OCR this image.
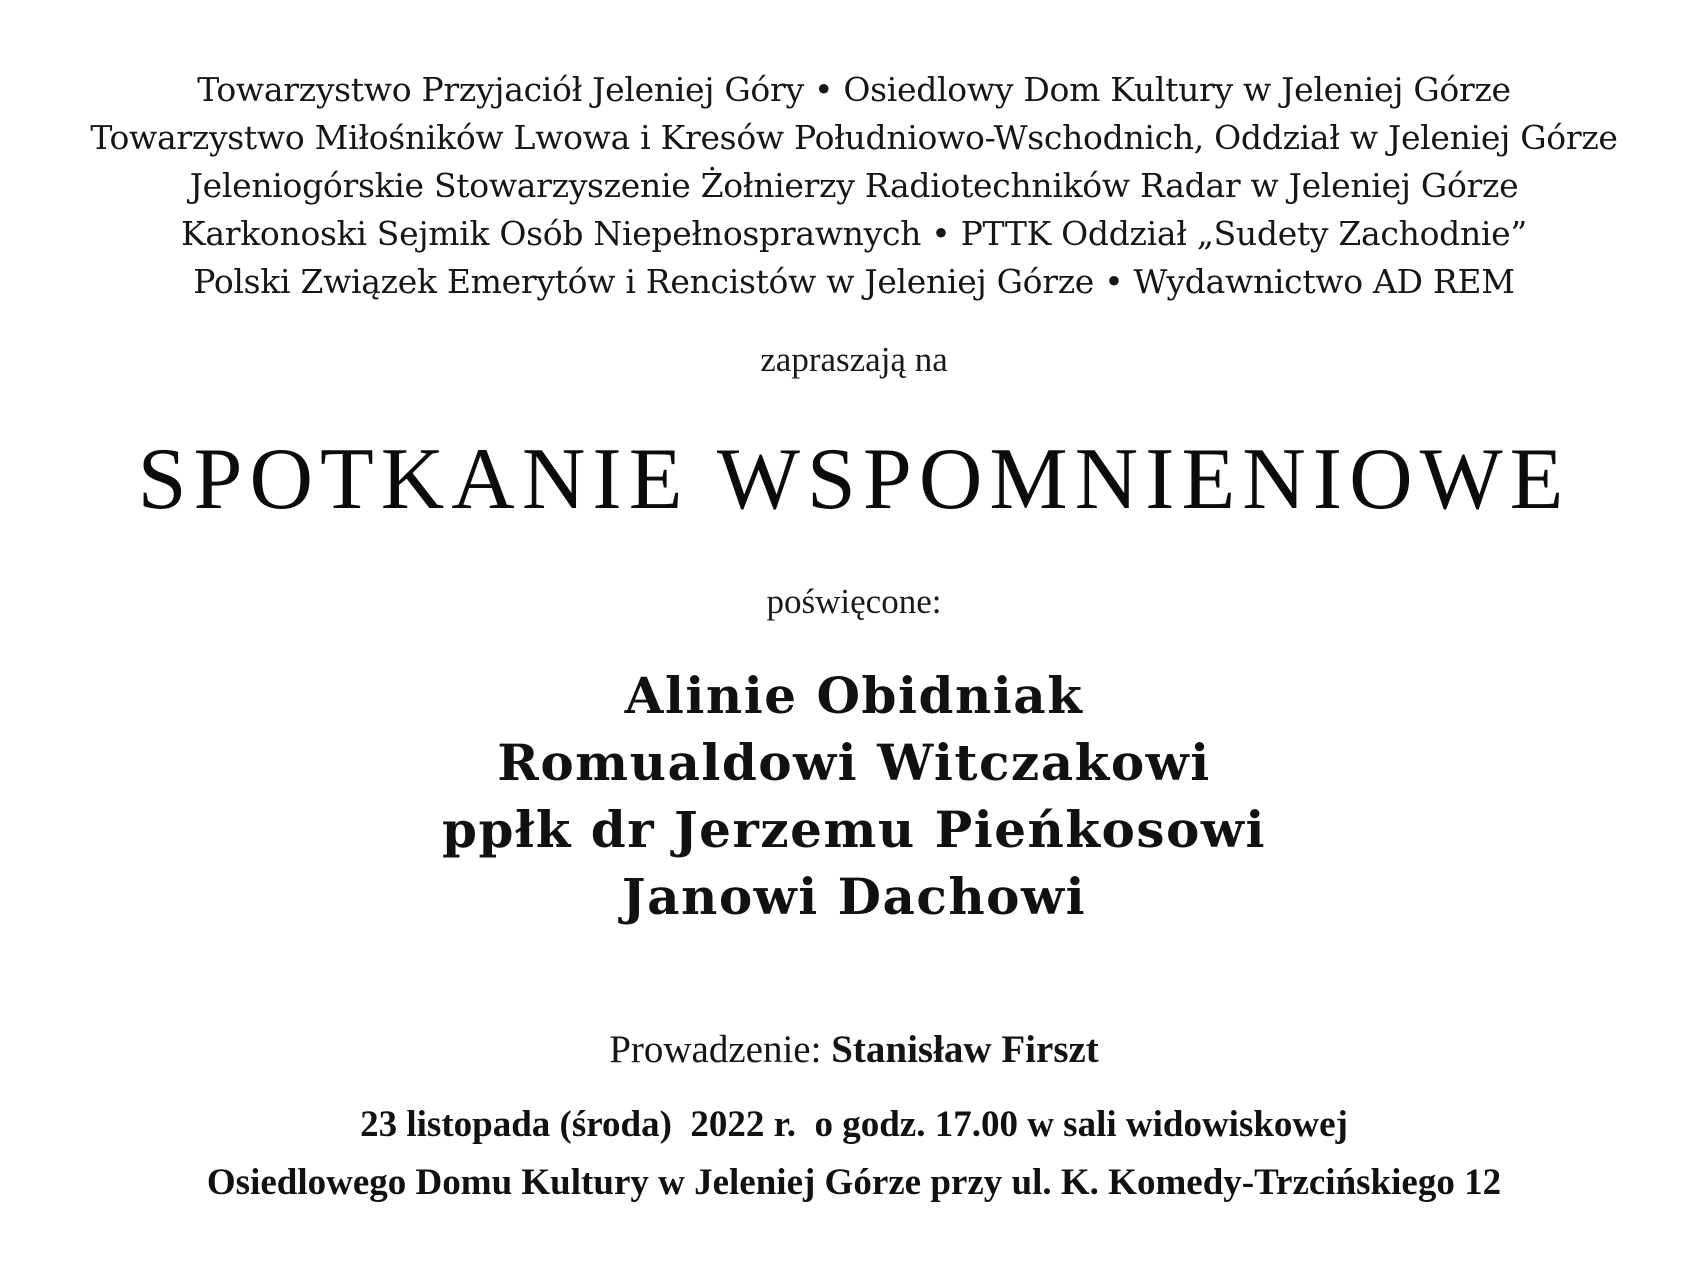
Towarzystwo Przyjaciół Jeleniej Góry • Osiedlowy Dom Kultury w Jeleniej Górze
Towarzystwo Miłośników Lwowa i Kresów Południowo-Wschodnich, Oddział w Jeleniej Górze
Jeleniogórskie Stowarzyszenie Żołnierzy Radiotechników Radar w Jeleniej Górze
Karkonoski Sejmik Osób Niepełnosprawnych • PTTK Oddział „Sudety Zachodnie”
Polski Związek Emerytów i Rencistów w Jeleniej Górze • Wydawnictwo AD REM
zapraszają na
SPOTKANIE WSPOMNIENIOWE
poświęcone:
Alinie Obidniak
Romualdowi Witczakowi
ppłk dr Jerzemu Pieńkosowi
Janowi Dachowi
Prowadzenie: Stanisław Firszt
23 listopada (środa)  2022 r.  o godz. 17.00 w sali widowiskowej
Osiedlowego Domu Kultury w Jeleniej Górze przy ul. K. Komedy-Trzcińskiego 12
